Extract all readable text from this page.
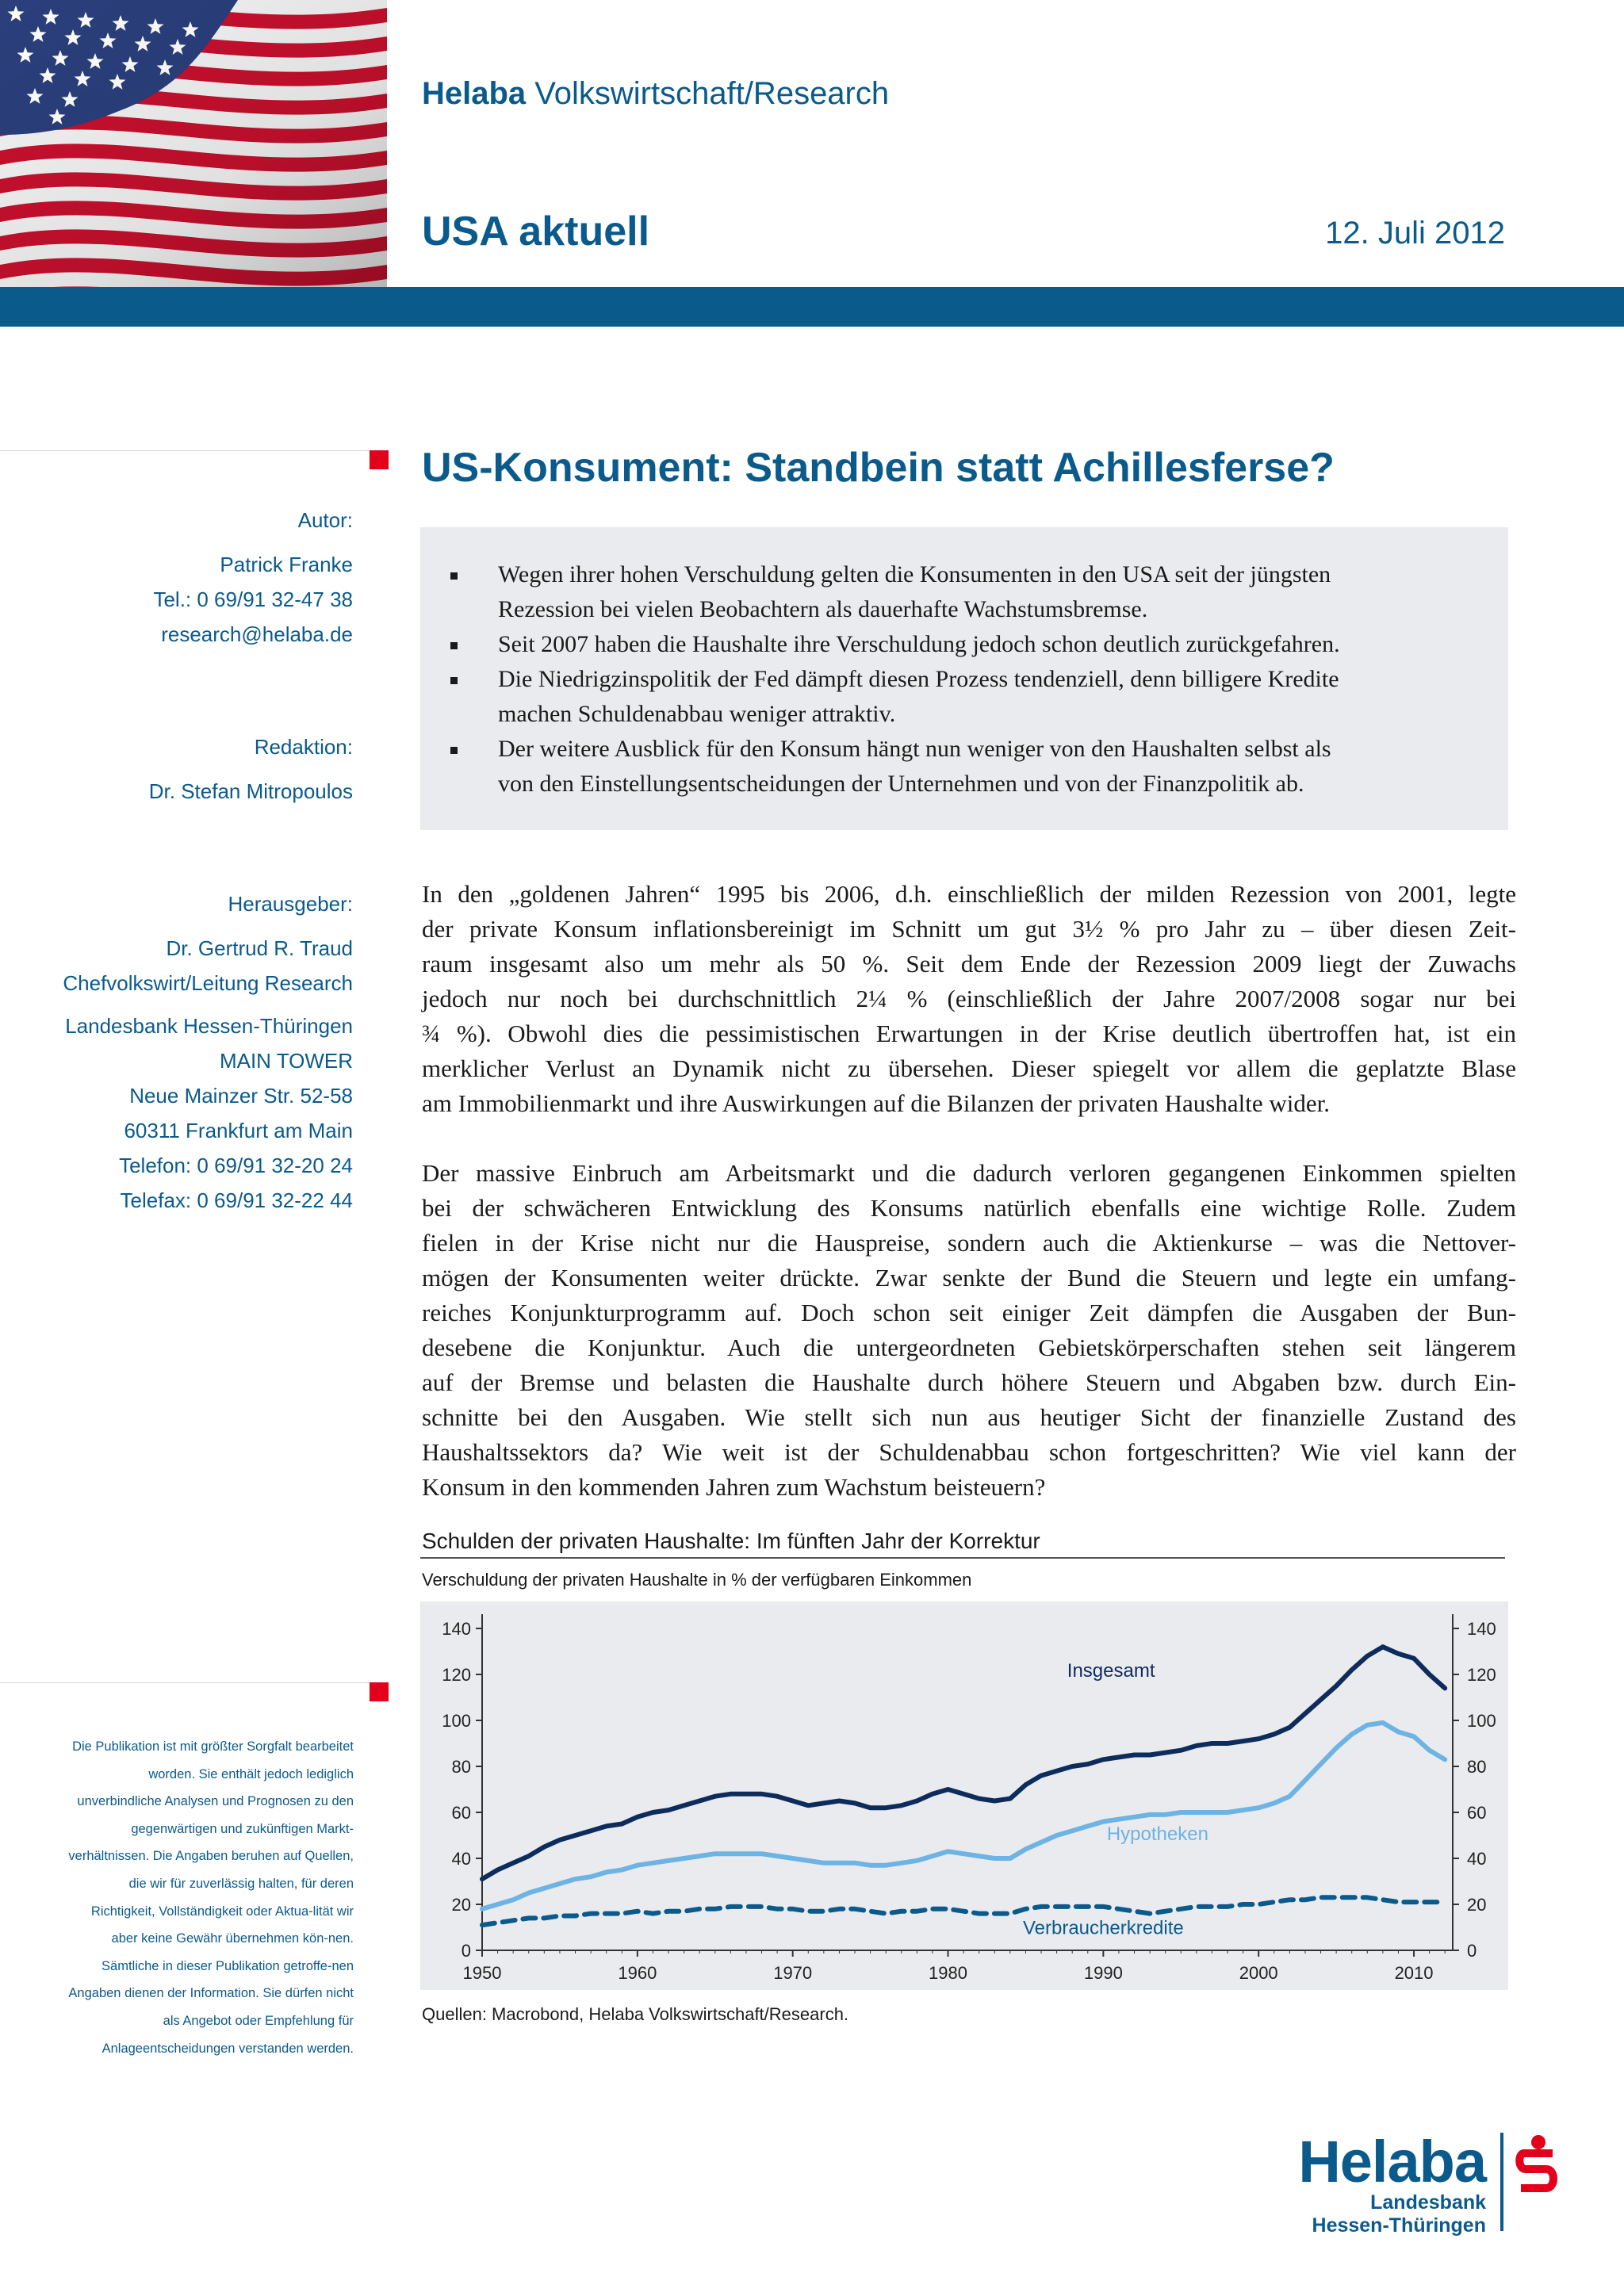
Helaba Volkswirtschaft/Research
USA aktuell	12. Juli 2012
Autor:
Patrick Franke
Tel.: 0 69/91 32-47 38
research@helaba.de
Redaktion:
Dr. Stefan Mitropoulos
Herausgeber:
Dr. Gertrud R. Traud
Chefvolkswirt/Leitung Research
Landesbank Hessen-Thüringen
MAIN TOWER
Neue Mainzer Str. 52-58
60311 Frankfurt am Main
Telefon: 0 69/91 32-20 24
Telefax: 0 69/91 32-22 44
Die Publikation ist mit größter Sorgfalt bearbeitet worden. Sie enthält jedoch lediglich unverbindliche Analysen und Prognosen zu den gegenwärtigen und zukünftigen Markt-verhältnissen. Die Angaben beruhen auf Quellen, die wir für zuverlässig halten, für deren Richtigkeit, Vollständigkeit oder Aktua-lität wir aber keine Gewähr übernehmen kön-nen. Sämtliche in dieser Publikation getroffe-nen Angaben dienen der Information. Sie dürfen nicht als Angebot oder Empfehlung für Anlageentscheidungen verstanden werden.
US-Konsument: Standbein statt Achillesferse?
Wegen ihrer hohen Verschuldung gelten die Konsumenten in den USA seit der jüngsten
Rezession bei vielen Beobachtern als dauerhafte Wachstumsbremse.
Seit 2007 haben die Haushalte ihre Verschuldung jedoch schon deutlich zurückgefahren.
Die Niedrigzinspolitik der Fed dämpft diesen Prozess tendenziell, denn billigere Kredite
machen Schuldenabbau weniger attraktiv.
Der weitere Ausblick für den Konsum hängt nun weniger von den Haushalten selbst als
von den Einstellungsentscheidungen der Unternehmen und von der Finanzpolitik ab.
In den „goldenen Jahren“ 1995 bis 2006, d.h. einschließlich der milden Rezession von 2001, legte
der private Konsum inflationsbereinigt im Schnitt um gut 3½ % pro Jahr zu – über diesen Zeit-
raum insgesamt also um mehr als 50 %. Seit dem Ende der Rezession 2009 liegt der Zuwachs
jedoch nur noch bei durchschnittlich 2¼ % (einschließlich der Jahre 2007/2008 sogar nur bei
¾ %). Obwohl dies die pessimistischen Erwartungen in der Krise deutlich übertroffen hat, ist ein
merklicher Verlust an Dynamik nicht zu übersehen. Dieser spiegelt vor allem die geplatzte Blase
am Immobilienmarkt und ihre Auswirkungen auf die Bilanzen der privaten Haushalte wider.
Der massive Einbruch am Arbeitsmarkt und die dadurch verloren gegangenen Einkommen spielten
bei der schwächeren Entwicklung des Konsums natürlich ebenfalls eine wichtige Rolle. Zudem
fielen in der Krise nicht nur die Hauspreise, sondern auch die Aktienkurse – was die Nettover-
mögen der Konsumenten weiter drückte. Zwar senkte der Bund die Steuern und legte ein umfang-
reiches Konjunkturprogramm auf. Doch schon seit einiger Zeit dämpfen die Ausgaben der Bun-
desebene die Konjunktur. Auch die untergeordneten Gebietskörperschaften stehen seit längerem
auf der Bremse und belasten die Haushalte durch höhere Steuern und Abgaben bzw. durch Ein-
schnitte bei den Ausgaben. Wie stellt sich nun aus heutiger Sicht der finanzielle Zustand des
Haushaltssektors da? Wie weit ist der Schuldenabbau schon fortgeschritten? Wie viel kann der
Konsum in den kommenden Jahren zum Wachstum beisteuern?
Schulden der privaten Haushalte: Im fünften Jahr der Korrektur
Verschuldung der privaten Haushalte in % der verfügbaren Einkommen
0	0
20	20
40	40
60	60
80	80
100	100
120	120
140	140
1950	1960	1970	1980	1990	2000	2010
Insgesamt
Hypotheken
Verbraucherkredite
Quellen: Macrobond, Helaba Volkswirtschaft/Research.
Helaba
Landesbank
Hessen-Thüringen
